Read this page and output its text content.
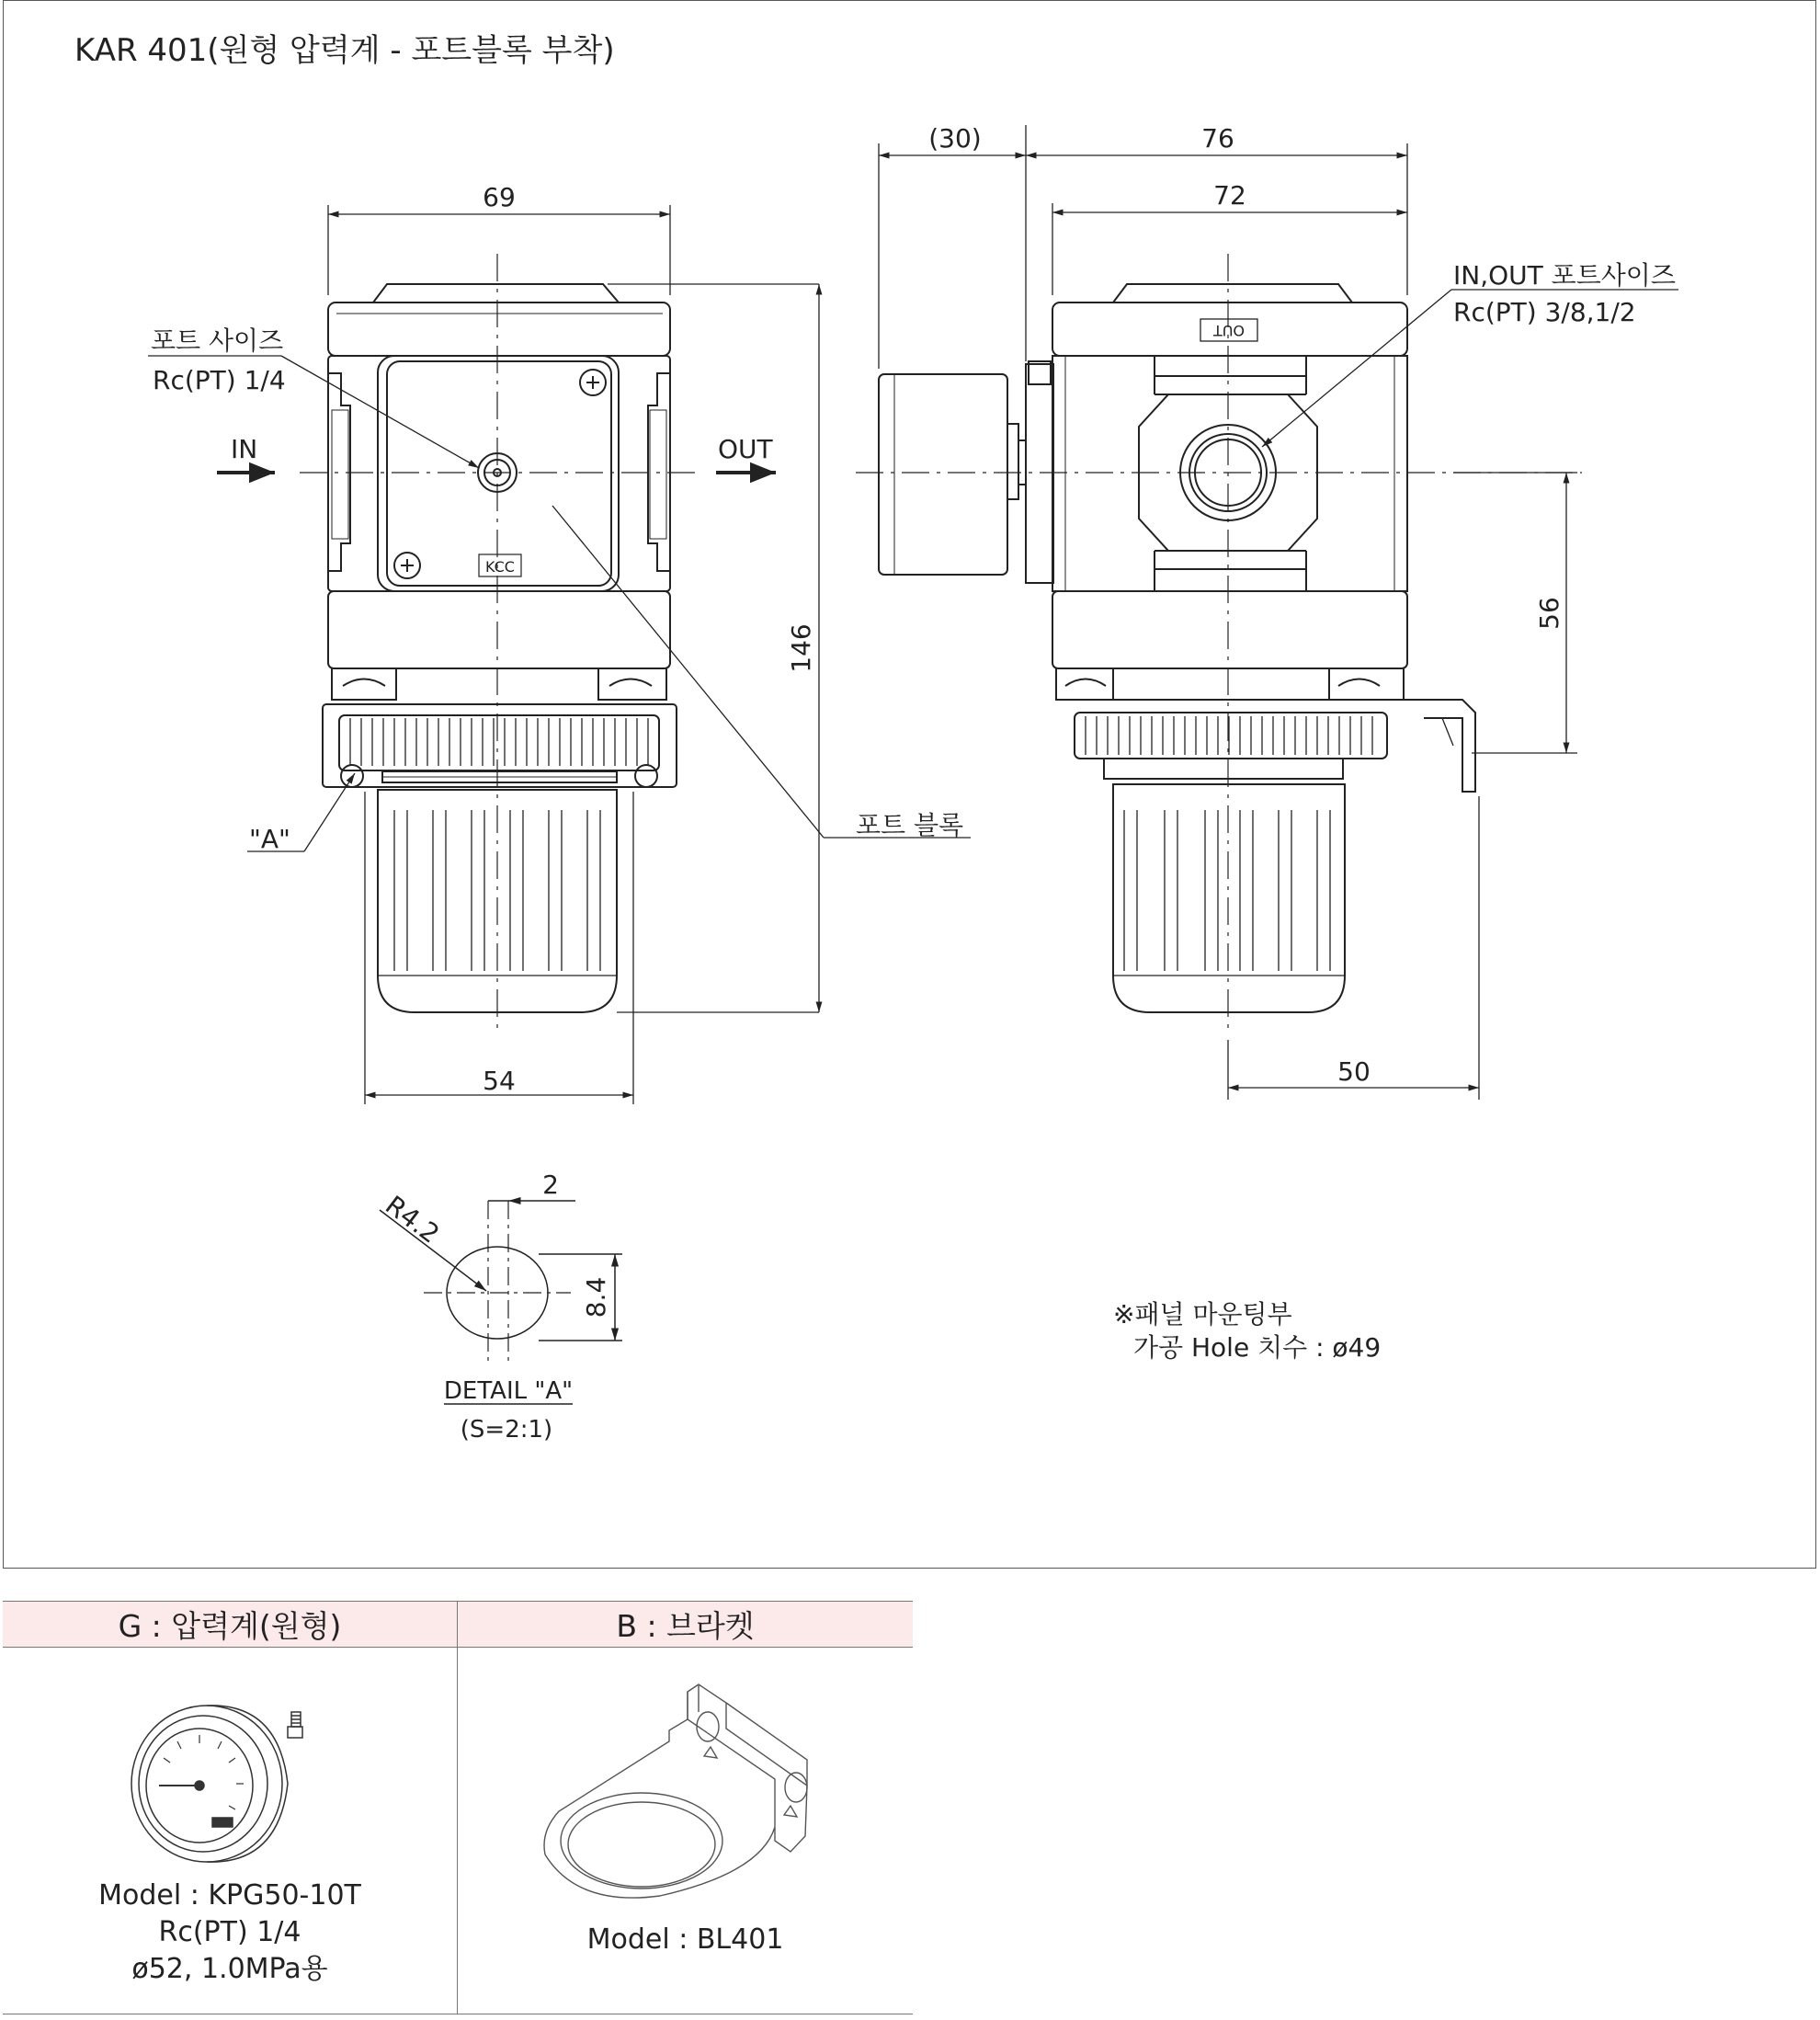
KAR 401(원형 압력계 - 포트블록 부착)
KCC
69
포트 사이즈
Rc(PT) 1/4
IN	OUT
146
"A"	포트 블록
54
OUT
(30)	76
72
IN,OUT 포트사이즈
Rc(PT) 3/8,1/2
56
50
R4.2
2
8.4
DETAIL "A"
(S=2:1)
※패널 마운팅부
가공 Hole 치수 : ø49
G : 압력계(원형)	B : 브라켓
Model : KPG50-10T
Rc(PT) 1/4
ø52, 1.0MPa용
Model : BL401
